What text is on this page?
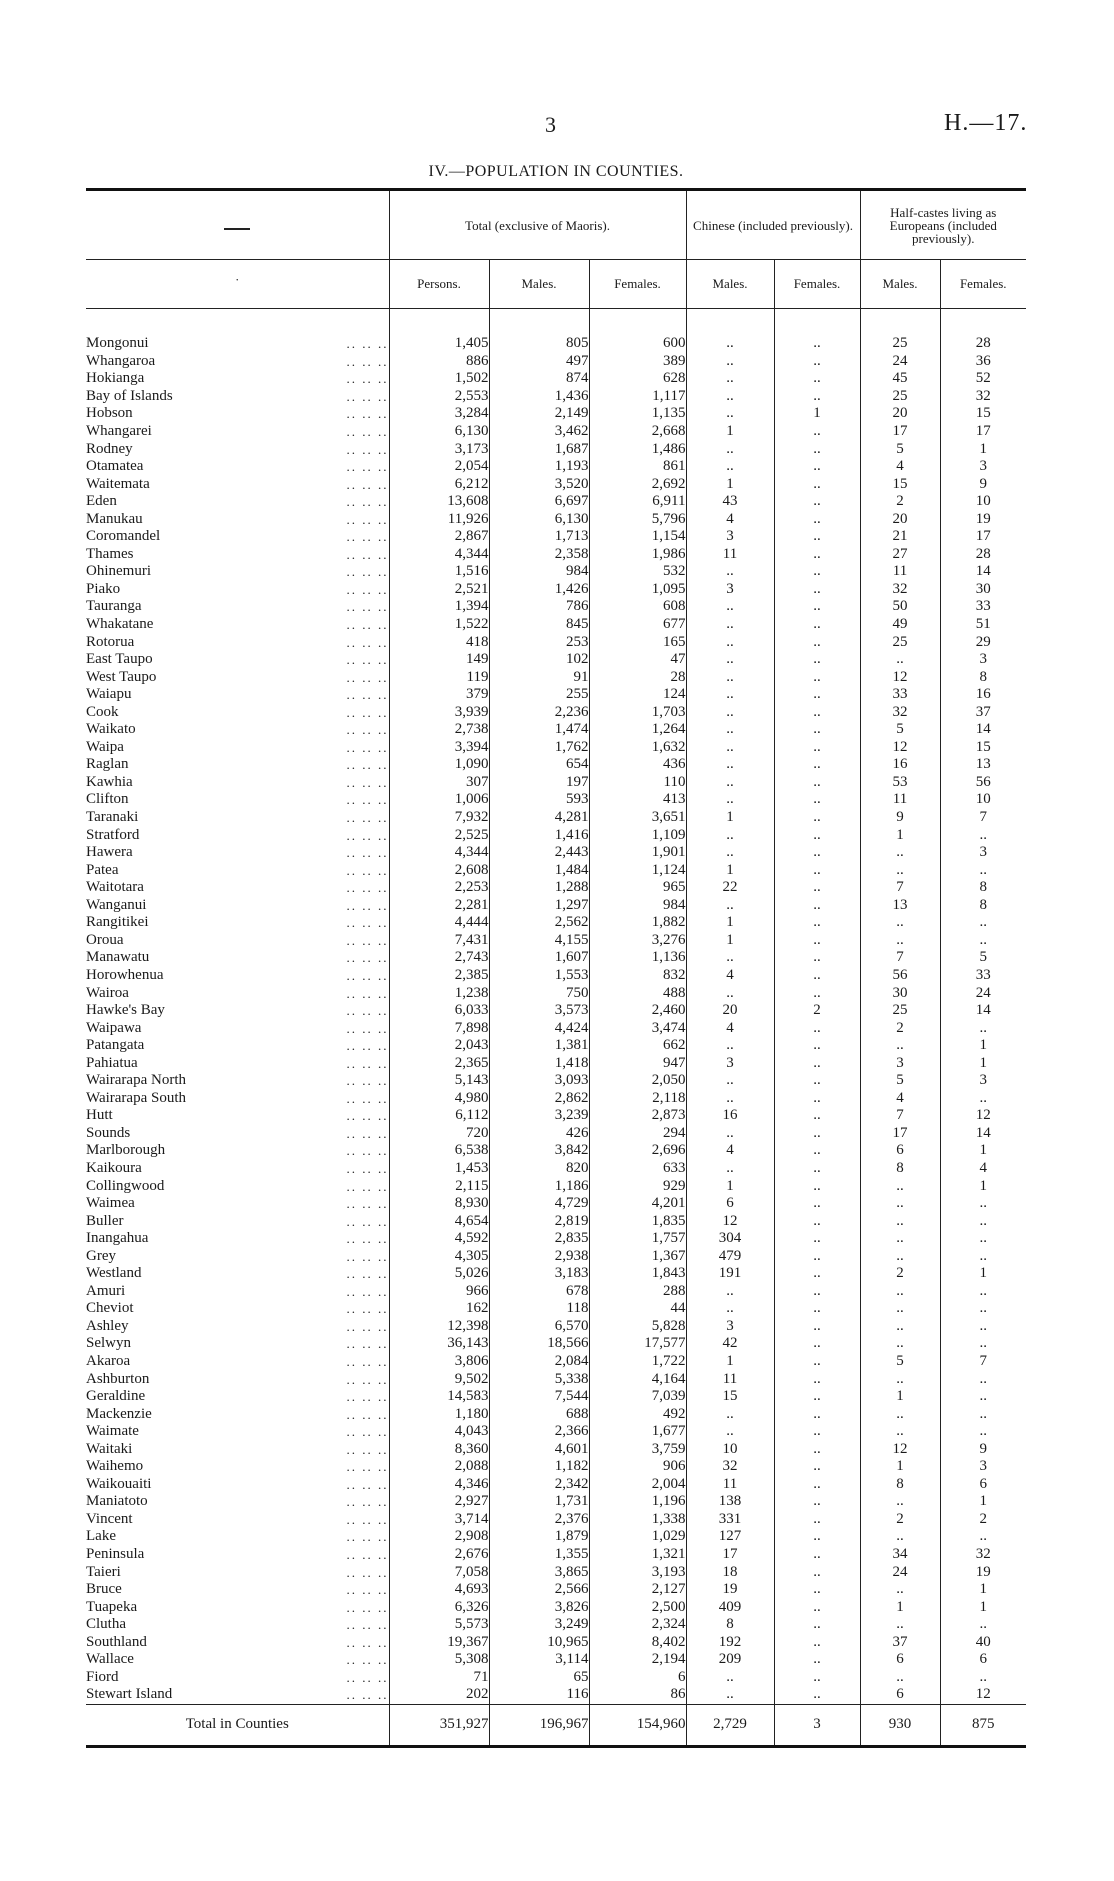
3	H.—17.
IV.—POPULATION IN COUNTIES.
		Total (exclusive of Maoris).			Chinese (included previously).		Half-castes living as Europeans (included previously).	
˙		Persons.	Males.	Females.	Males.	Females.	Males.	Females.
Mongonui	.. .. ..	1,405	805	600	..	..	25	28
Whangaroa	.. .. ..	886	497	389	..	..	24	36
Hokianga	.. .. ..	1,502	874	628	..	..	45	52
Bay of Islands	.. .. ..	2,553	1,436	1,117	..	..	25	32
Hobson	.. .. ..	3,284	2,149	1,135	..	1	20	15
Whangarei	.. .. ..	6,130	3,462	2,668	1	..	17	17
Rodney	.. .. ..	3,173	1,687	1,486	..	..	5	1
Otamatea	.. .. ..	2,054	1,193	861	..	..	4	3
Waitemata	.. .. ..	6,212	3,520	2,692	1	..	15	9
Eden	.. .. ..	13,608	6,697	6,911	43	..	2	10
Manukau	.. .. ..	11,926	6,130	5,796	4	..	20	19
Coromandel	.. .. ..	2,867	1,713	1,154	3	..	21	17
Thames	.. .. ..	4,344	2,358	1,986	11	..	27	28
Ohinemuri	.. .. ..	1,516	984	532	..	..	11	14
Piako	.. .. ..	2,521	1,426	1,095	3	..	32	30
Tauranga	.. .. ..	1,394	786	608	..	..	50	33
Whakatane	.. .. ..	1,522	845	677	..	..	49	51
Rotorua	.. .. ..	418	253	165	..	..	25	29
East Taupo	.. .. ..	149	102	47	..	..	..	3
West Taupo	.. .. ..	119	91	28	..	..	12	8
Waiapu	.. .. ..	379	255	124	..	..	33	16
Cook	.. .. ..	3,939	2,236	1,703	..	..	32	37
Waikato	.. .. ..	2,738	1,474	1,264	..	..	5	14
Waipa	.. .. ..	3,394	1,762	1,632	..	..	12	15
Raglan	.. .. ..	1,090	654	436	..	..	16	13
Kawhia	.. .. ..	307	197	110	..	..	53	56
Clifton	.. .. ..	1,006	593	413	..	..	11	10
Taranaki	.. .. ..	7,932	4,281	3,651	1	..	9	7
Stratford	.. .. ..	2,525	1,416	1,109	..	..	1	..
Hawera	.. .. ..	4,344	2,443	1,901	..	..	..	3
Patea	.. .. ..	2,608	1,484	1,124	1	..	..	..
Waitotara	.. .. ..	2,253	1,288	965	22	..	7	8
Wanganui	.. .. ..	2,281	1,297	984	..	..	13	8
Rangitikei	.. .. ..	4,444	2,562	1,882	1	..	..	..
Oroua	.. .. ..	7,431	4,155	3,276	1	..	..	..
Manawatu	.. .. ..	2,743	1,607	1,136	..	..	7	5
Horowhenua	.. .. ..	2,385	1,553	832	4	..	56	33
Wairoa	.. .. ..	1,238	750	488	..	..	30	24
Hawke's Bay	.. .. ..	6,033	3,573	2,460	20	2	25	14
Waipawa	.. .. ..	7,898	4,424	3,474	4	..	2	..
Patangata	.. .. ..	2,043	1,381	662	..	..	..	1
Pahiatua	.. .. ..	2,365	1,418	947	3	..	3	1
Wairarapa North	.. .. ..	5,143	3,093	2,050	..	..	5	3
Wairarapa South	.. .. ..	4,980	2,862	2,118	..	..	4	..
Hutt	.. .. ..	6,112	3,239	2,873	16	..	7	12
Sounds	.. .. ..	720	426	294	..	..	17	14
Marlborough	.. .. ..	6,538	3,842	2,696	4	..	6	1
Kaikoura	.. .. ..	1,453	820	633	..	..	8	4
Collingwood	.. .. ..	2,115	1,186	929	1	..	..	1
Waimea	.. .. ..	8,930	4,729	4,201	6	..	..	..
Buller	.. .. ..	4,654	2,819	1,835	12	..	..	..
Inangahua	.. .. ..	4,592	2,835	1,757	304	..	..	..
Grey	.. .. ..	4,305	2,938	1,367	479	..	..	..
Westland	.. .. ..	5,026	3,183	1,843	191	..	2	1
Amuri	.. .. ..	966	678	288	..	..	..	..
Cheviot	.. .. ..	162	118	44	..	..	..	..
Ashley	.. .. ..	12,398	6,570	5,828	3	..	..	..
Selwyn	.. .. ..	36,143	18,566	17,577	42	..	..	..
Akaroa	.. .. ..	3,806	2,084	1,722	1	..	5	7
Ashburton	.. .. ..	9,502	5,338	4,164	11	..	..	..
Geraldine	.. .. ..	14,583	7,544	7,039	15	..	1	..
Mackenzie	.. .. ..	1,180	688	492	..	..	..	..
Waimate	.. .. ..	4,043	2,366	1,677	..	..	..	..
Waitaki	.. .. ..	8,360	4,601	3,759	10	..	12	9
Waihemo	.. .. ..	2,088	1,182	906	32	..	1	3
Waikouaiti	.. .. ..	4,346	2,342	2,004	11	..	8	6
Maniatoto	.. .. ..	2,927	1,731	1,196	138	..	..	1
Vincent	.. .. ..	3,714	2,376	1,338	331	..	2	2
Lake	.. .. ..	2,908	1,879	1,029	127	..	..	..
Peninsula	.. .. ..	2,676	1,355	1,321	17	..	34	32
Taieri	.. .. ..	7,058	3,865	3,193	18	..	24	19
Bruce	.. .. ..	4,693	2,566	2,127	19	..	..	1
Tuapeka	.. .. ..	6,326	3,826	2,500	409	..	1	1
Clutha	.. .. ..	5,573	3,249	2,324	8	..	..	..
Southland	.. .. ..	19,367	10,965	8,402	192	..	37	40
Wallace	.. .. ..	5,308	3,114	2,194	209	..	6	6
Fiord	.. .. ..	71	65	6	..	..	..	..
Stewart Island	.. .. ..	202	116	86	..	..	6	12
Total in Counties		351,927	196,967	154,960	2,729	3	930	875
